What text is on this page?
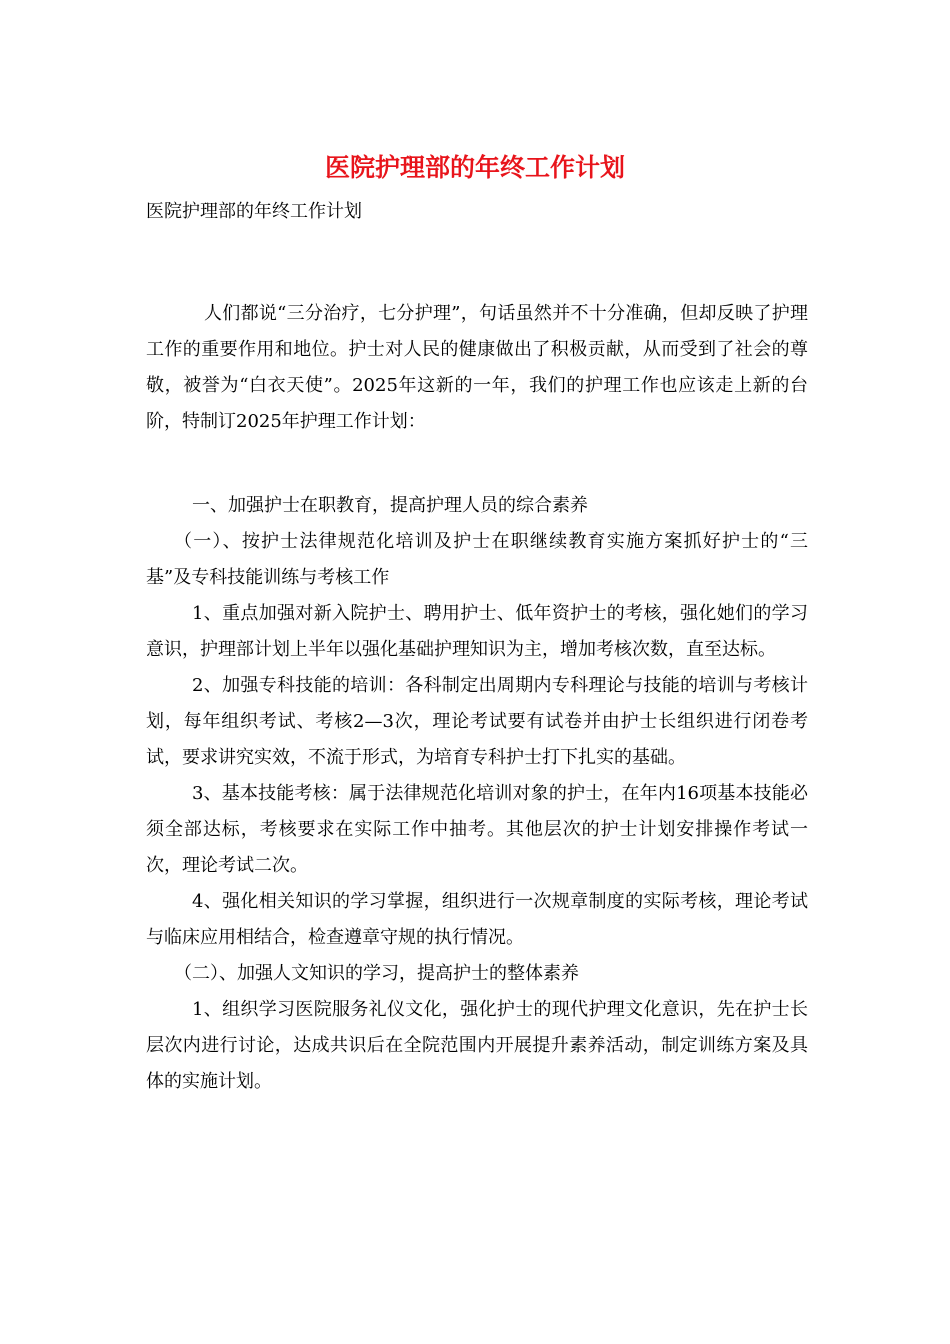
医院护理部的年终工作计划
医院护理部的年终工作计划

人们都说“三分治疗，七分护理”，句话虽然并不十分准确，但却反映了护理工作的重要作用和地位。护士对人民的健康做出了积极贡献，从而受到了社会的尊敬，被誉为“白衣天使”。2025年这新的一年，我们的护理工作也应该走上新的台阶，特制订2025年护理工作计划：

一、加强护士在职教育，提高护理人员的综合素养

（一）、按护士法律规范化培训及护士在职继续教育实施方案抓好护士的“三基”及专科技能训练与考核工作

1、重点加强对新入院护士、聘用护士、低年资护士的考核，强化她们的学习意识，护理部计划上半年以强化基础护理知识为主，增加考核次数，直至达标。

2、加强专科技能的培训：各科制定出周期内专科理论与技能的培训与考核计划，每年组织考试、考核2—3次，理论考试要有试卷并由护士长组织进行闭卷考试，要求讲究实效，不流于形式，为培育专科护士打下扎实的基础。

3、基本技能考核：属于法律规范化培训对象的护士，在年内16项基本技能必须全部达标，考核要求在实际工作中抽考。其他层次的护士计划安排操作考试一次，理论考试二次。

4、强化相关知识的学习掌握，组织进行一次规章制度的实际考核，理论考试与临床应用相结合，检查遵章守规的执行情况。

（二）、加强人文知识的学习，提高护士的整体素养

1、组织学习医院服务礼仪文化，强化护士的现代护理文化意识，先在护士长层次内进行讨论，达成共识后在全院范围内开展提升素养活动，制定训练方案及具体的实施计划。
